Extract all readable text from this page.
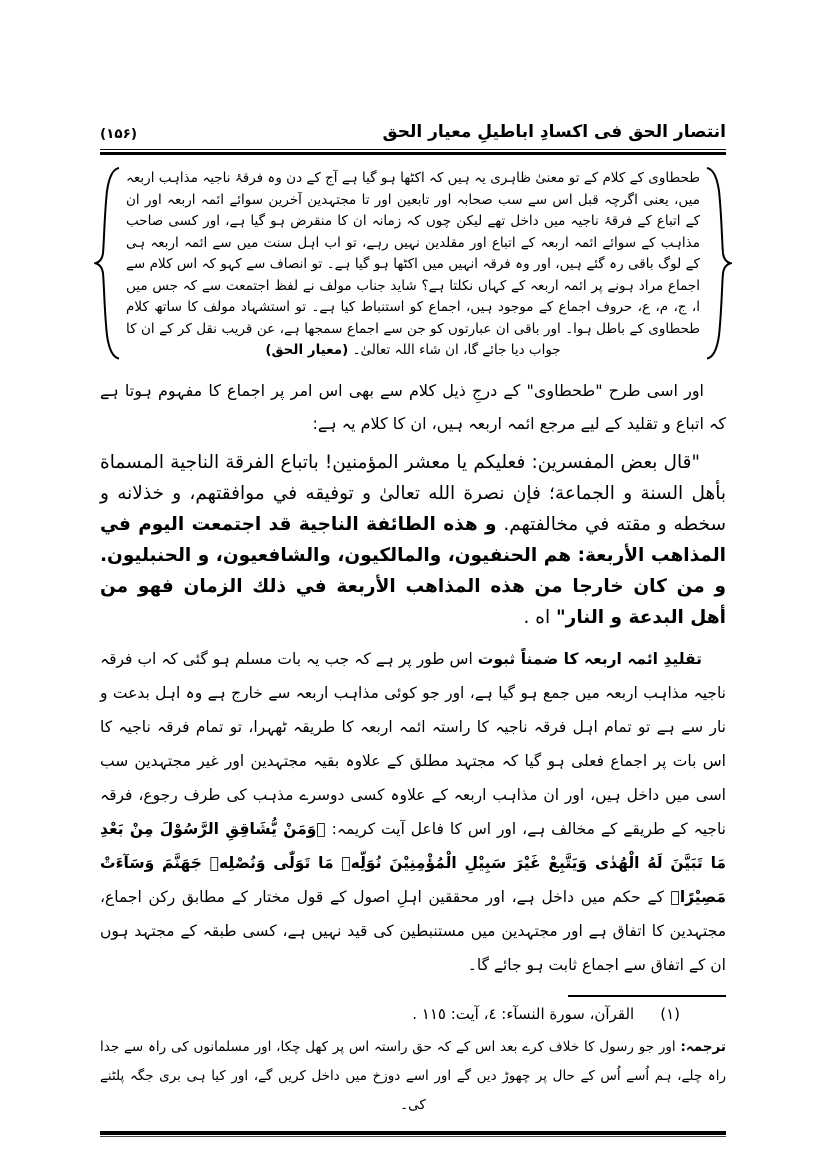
انتصار الحق فی اکسادِ اباطیلِ معیار الحق
(۱۵۶)

طحطاوی کے کلام کے تو معنیٰ ظاہری یہ ہیں کہ اکٹھا ہو گیا ہے آج کے دن وہ فرقۂ ناجیہ مذاہب اربعہ میں، یعنی اگرچہ قبل اس سے سب صحابہ اور تابعین اور تا مجتہدین آخرین سوائے ائمہ اربعہ اور ان کے اتباع کے فرقۂ ناجیہ میں داخل تھے لیکن چوں کہ زمانہ ان کا منقرض ہو گیا ہے، اور کسی صاحب مذاہب کے سوائے ائمہ اربعہ کے اتباع اور مقلدین نہیں رہے، تو اب اہل سنت میں سے ائمہ اربعہ ہی کے لوگ باقی رہ گئے ہیں، اور وہ فرقہ انہیں میں اکٹھا ہو گیا ہے۔ تو انصاف سے کہو کہ اس کلام سے اجماع مراد ہونے پر ائمہ اربعہ کے کہاں نکلتا ہے؟ شاید جناب مولف نے لفظ اجتمعت سے کہ جس میں ا، ج، م، ع، حروف اجماع کے موجود ہیں، اجماع کو استنباط کیا ہے۔ تو استشہاد مولف کا ساتھ کلام طحطاوی کے باطل ہوا۔ اور باقی ان عبارتوں کو جن سے اجماع سمجھا ہے، عن قریب نقل کر کے ان کا جواب دیا جائے گا، ان شاء اللہ تعالیٰ۔ (معیار الحق)

اور اسی طرح "طحطاوی" کے درجِ ذیل کلام سے بھی اس امر پر اجماع کا مفہوم ہوتا ہے کہ اتباع و تقلید کے لیے مرجع ائمہ اربعہ ہیں، ان کا کلام یہ ہے:

"قال بعض المفسرين: فعليكم يا معشر المؤمنين! باتباع الفرقة الناجية المسماة بأهل السنة و الجماعة؛ فإن نصرة الله تعالىٰ و توفيقه في موافقتهم، و خذلانه و سخطه و مقته في مخالفتهم. و هذه الطائفة الناجية قد اجتمعت اليوم في المذاهب الأربعة: هم الحنفيون، والمالكيون، والشافعيون، و الحنبليون. و من كان خارجا من هذه المذاهب الأربعة في ذلك الزمان فهو من أهل البدعة و النار" اه .

تقلیدِ ائمہ اربعہ کا ضمناً ثبوت اس طور پر ہے کہ جب یہ بات مسلم ہو گئی کہ اب فرقہ ناجیہ مذاہب اربعہ میں جمع ہو گیا ہے، اور جو کوئی مذاہب اربعہ سے خارج ہے وہ اہل بدعت و نار سے ہے تو تمام اہل فرقہ ناجیہ کا راستہ ائمہ اربعہ کا طریقہ ٹھہرا، تو تمام فرقہ ناجیہ کا اس بات پر اجماع فعلی ہو گیا کہ مجتہد مطلق کے علاوہ بقیہ مجتہدین اور غیر مجتہدین سب اسی میں داخل ہیں، اور ان مذاہب اربعہ کے علاوہ کسی دوسرے مذہب کی طرف رجوع، فرقہ ناجیہ کے طریقے کے مخالف ہے، اور اس کا فاعل آیت کریمہ: ﴿وَمَنْ يُّشَاقِقِ الرَّسُوْلَ مِنْ بَعْدِ مَا تَبَيَّنَ لَهُ الْهُدٰى وَيَتَّبِعْ غَيْرَ سَبِيْلِ الْمُؤْمِنِيْنَ نُوَلِّهٖ مَا تَوَلّٰى وَنُصْلِهٖ جَهَنَّمَ وَسَآءَتْ مَصِيْرًا﴾ کے حکم میں داخل ہے، اور محققین اہلِ اصول کے قول مختار کے مطابق رکن اجماع، مجتہدین کا اتفاق ہے اور مجتہدین میں مستنبطین کی قید نہیں ہے، کسی طبقہ کے مجتہد ہوں ان کے اتفاق سے اجماع ثابت ہو جائے گا۔

(١)
القرآن، سورة النسآء: ٤، آیت: ١١٥ .

ترجمہ: اور جو رسول کا خلاف کرے بعد اس کے کہ حق راستہ اس پر کھل چکا، اور مسلمانوں کی راہ سے جدا راہ چلے، ہم اُسے اُس کے حال پر چھوڑ دیں گے اور اسے دوزخ میں داخل کریں گے، اور کیا ہی بری جگہ پلٹنے کی۔
